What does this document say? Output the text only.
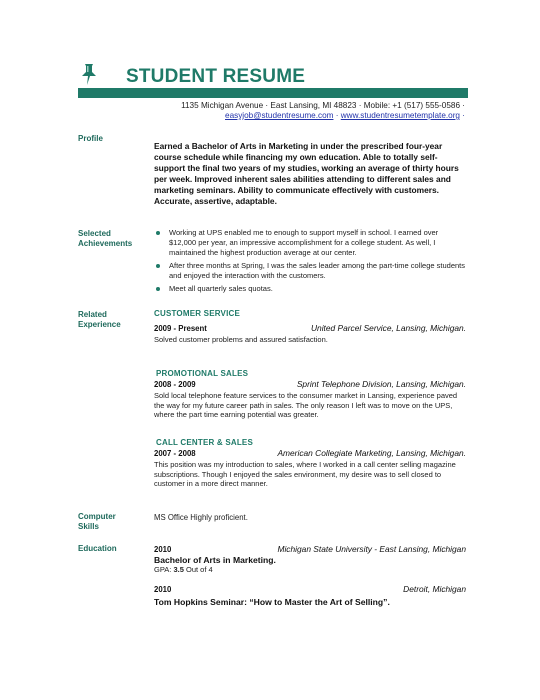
STUDENT RESUME
1135 Michigan Avenue · East Lansing, MI 48823 · Mobile: +1 (517) 555-0586 ·
easyjob@studentresume.com · www.studentresumetemplate.org ·
Profile
Earned a Bachelor of Arts in Marketing in under the prescribed four-year course schedule while financing my own education. Able to totally self-support the final two years of my studies, working an average of thirty hours per week. Improved inherent sales abilities attending to different sales and marketing seminars. Ability to communicate effectively with customers. Accurate, assertive, adaptable.
Selected
Achievements
Working at UPS enabled me to enough to support myself in school. I earned over $12,000 per year, an impressive accomplishment for a college student. As well, I maintained the highest production average at our center.
After three months at Spring, I was the sales leader among the part-time college students and enjoyed the interaction with the customers.
Meet all quarterly sales quotas.
Related
Experience
CUSTOMER SERVICE
2009 - Present	United Parcel Service, Lansing, Michigan.
Solved customer problems and assured satisfaction.
PROMOTIONAL SALES
2008 - 2009	Sprint Telephone Division, Lansing, Michigan.
Sold local telephone feature services to the consumer market in Lansing, experience paved the way for my future career path in sales. The only reason I left was to move on the UPS, where the part time earning potential was greater.
CALL CENTER & SALES
2007 - 2008	American Collegiate Marketing, Lansing, Michigan.
This position was my introduction to sales, where I worked in a call center selling magazine subscriptions. Though I enjoyed the sales environment, my desire was to sell closed to customer in a more direct manner.
Computer
Skills
MS Office Highly proficient.
Education	2010	Michigan State University - East Lansing, Michigan
Bachelor of Arts in Marketing.
GPA: 3.5 Out of 4
2010	Detroit, Michigan
Tom Hopkins Seminar: “How to Master the Art of Selling”.
